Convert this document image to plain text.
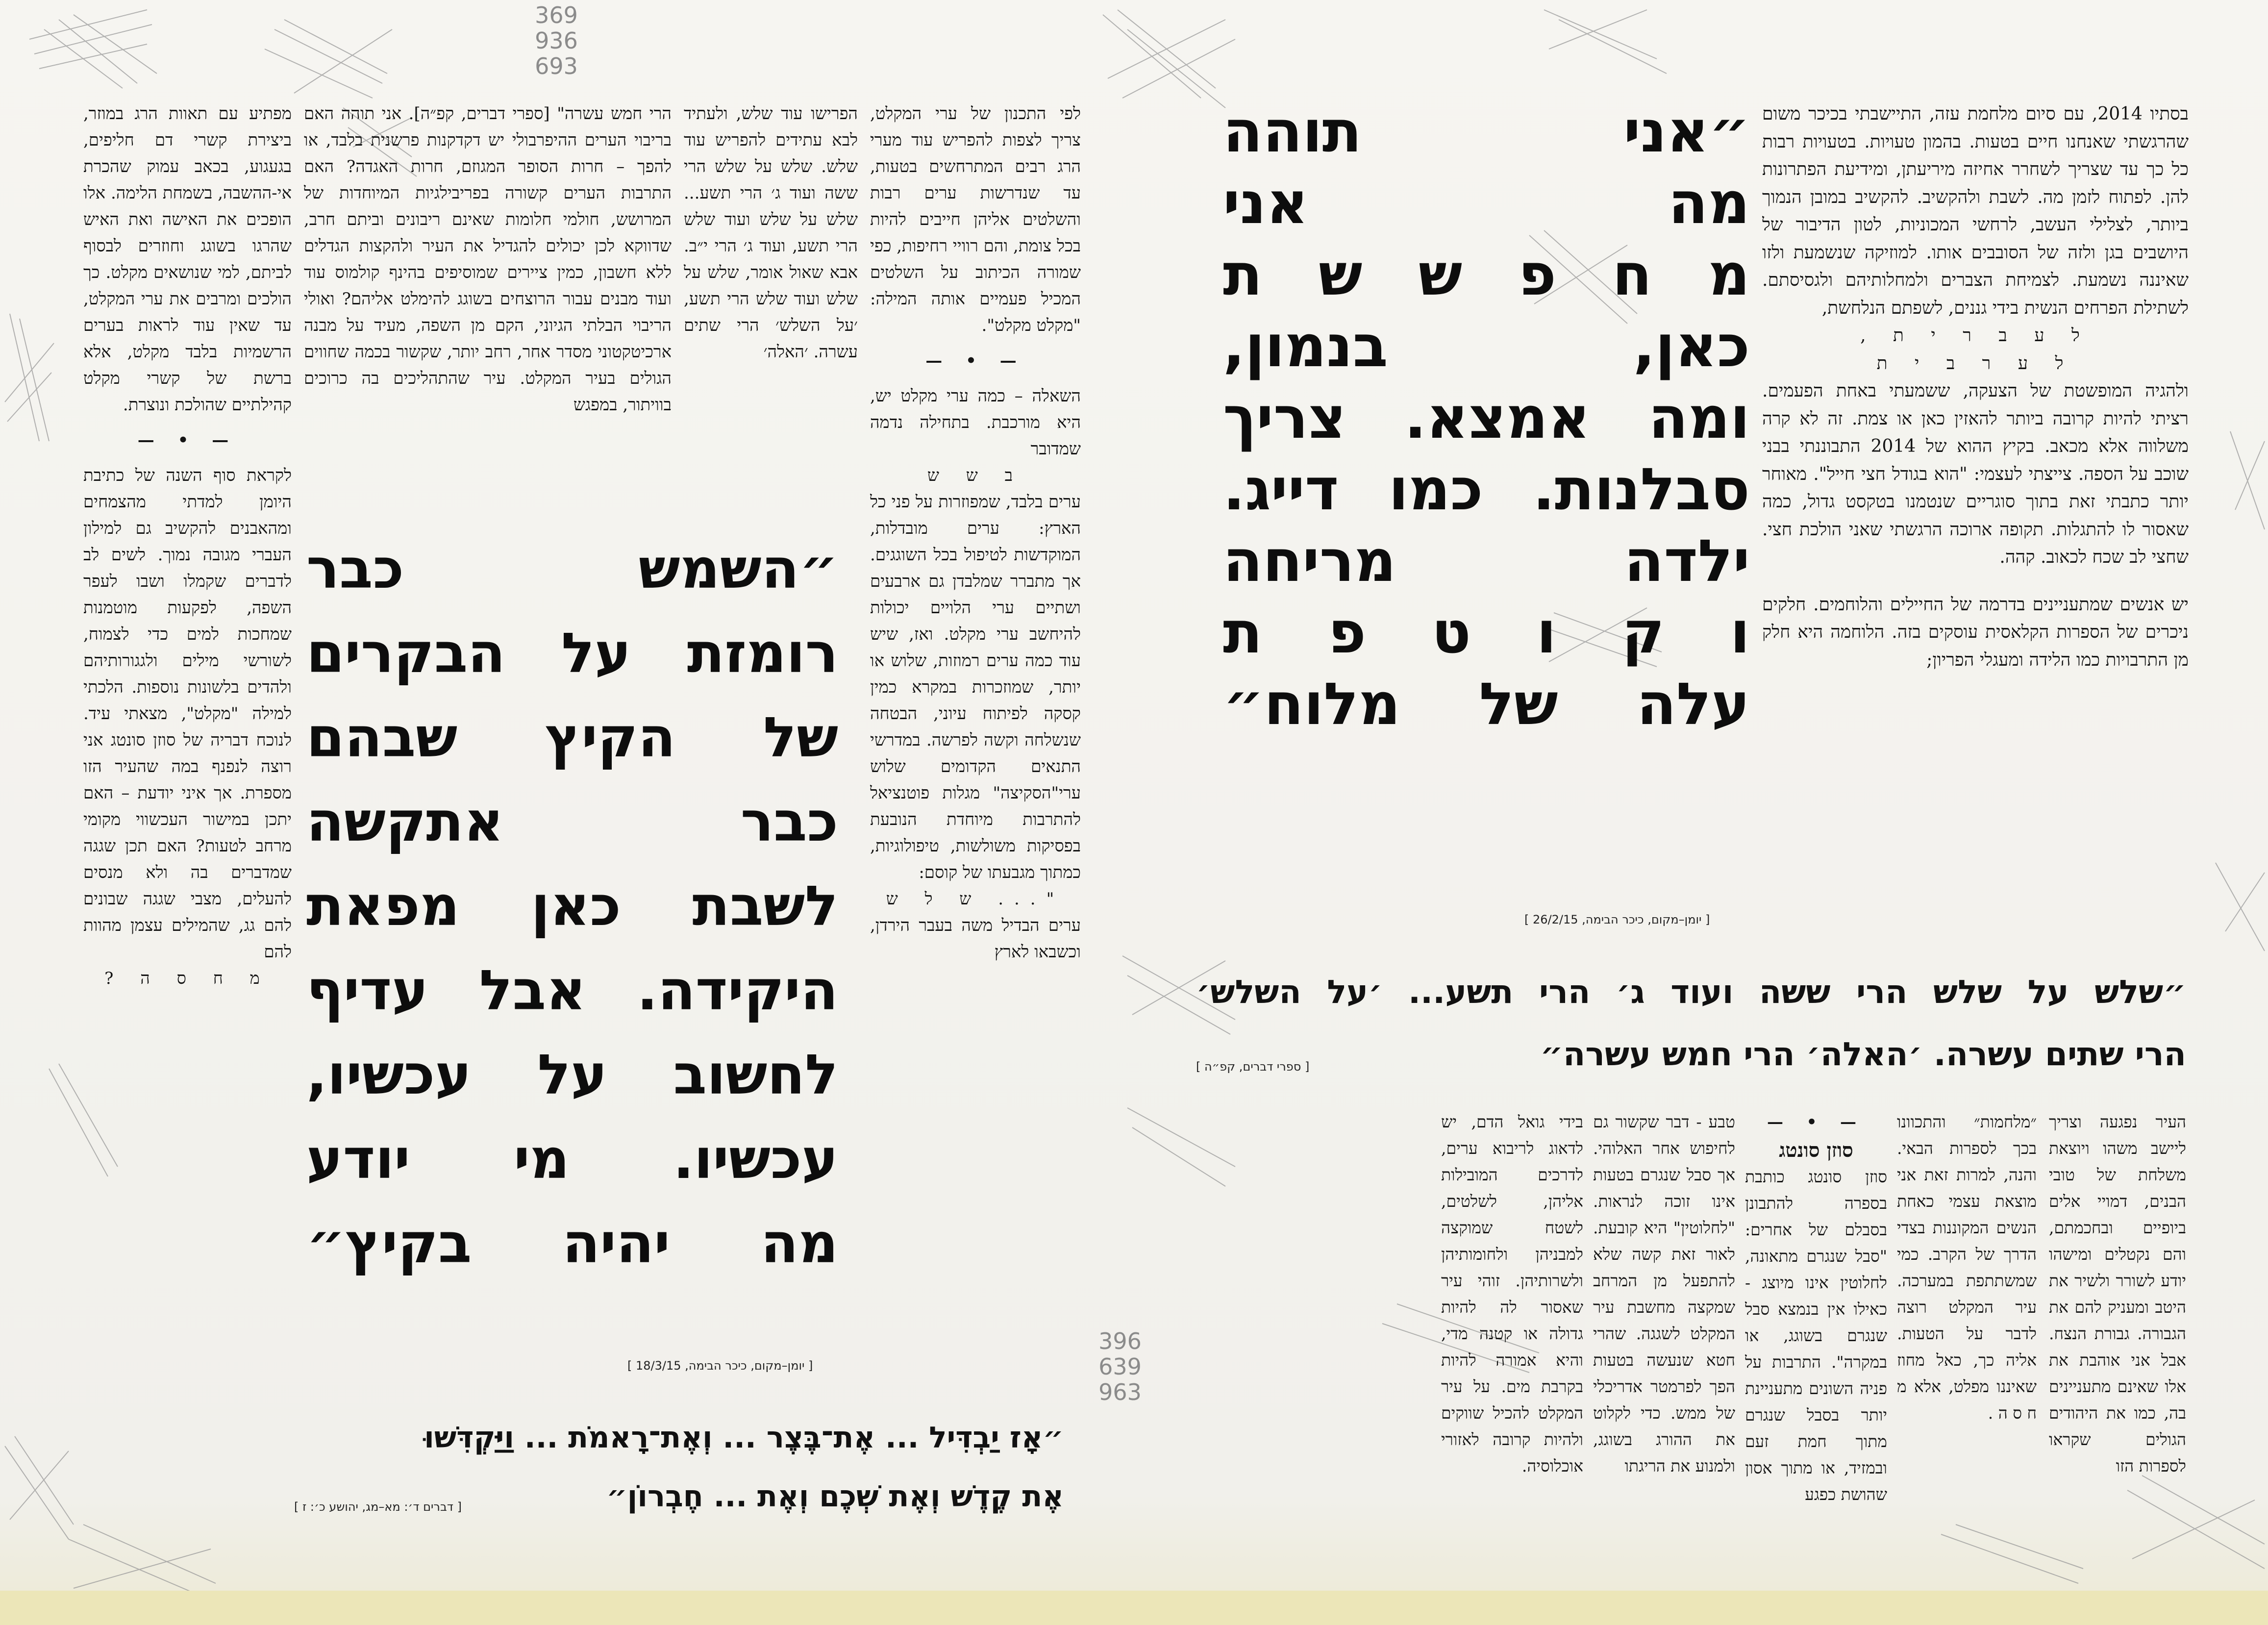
369
936
693
396
639
963

בסתיו 2014, עם סיום מלחמת עזה, התיישבתי בכיכר משום שהרגשתי שאנחנו חיים בטעות. בהמון טעויות. בטעויות רבות כל כך עד שצריך לשחרר אחיזה מיריעתן, ומידיעת הפתרונות להן. לפתוח לזמן מה. לשבת ולהקשיב. להקשיב במובן הנמוך ביותר, לצלילי העשב, לרחשי המכוניות, לטון הדיבור של היושבים בגן ולזה של הסובבים אותו. למוזיקה שנשמעת ולזו שאיננה נשמעת. לצמיחת הצברים ולמחלותיהם ולגסיסתם. לשתילת הפרחים הנשית בידי גננים, לשפתם הנלחשת,

ל ע ב ר י ת ,

ל ע ר ב י ת

ולהגיה המופשטת של הצעקה, ששמעתי באחת הפעמים. רציתי להיות קרובה ביותר להאזין כאן או צמת. זה לא קרה משלווה אלא מכאב. בקיץ ההוא של 2014 התבוננתי בבני שוכב על הספה. צייצתי לעצמי: "הוא בגודל חצי חייל". מאוחר יותר כתבתי זאת בתוך סוגריים שנטמנו בטקסט גדול, כמה שאסור לו להתגלות. תקופה ארוכה הרגשתי שאני הולכת חצי. שחצי לב שכח לכאוב. קהה.

יש אנשים שמתעניינים בדרמה של החיילים והלוחמים. חלקים ניכרים של הספרות הקלאסית עוסקים בזה. הלוחמה היא חלק מן התרבויות כמו הלידה ומעגלי הפריון;

״אני תוהה
מה אני
מ ח פ ש ש ת
כאן, בנמון,
ומה אמצא. צריך
סבלנות. כמו דייג.
ילדה מריחה
ו ק ו ט פ ת
עלה של מלוח״
[ יומן–מקום, כיכר הבימה, 26/2/15 ]
״שלש על שלש הרי ששה ועוד ג׳ הרי תשע... ׳על השלש׳
הרי שתים עשרה. ׳האלה׳ הרי חמש עשרה״
[ ספרי דברים, קפ״ה ]

העיר נפגעה וצריך ליישב משהו ויוצאת משלחת של טובי הבנים, דמויי אלים ביופיים ובחכמתם, והם נקטלים ומישהו יודע לשורר ולשיר את היטב ומעניק להם את הגבורה. גבורת הנצח. אבל אני אוהבת את אלו שאינם מתעניינים בה, כמו את היהודים הגולים שקראו לספרות הזו

״מלחמות״ והתכוונו בכך לספרות הבאי. והנה, למרות זאת אני מוצאת עצמי כאחת הנשים המקוננות בצדי הדרך של הקרב. כמי שמשתתפת במערכה. עיר המקלט רוצה לדבר על הטעות. אליה כך, כאל מחוז שאיננו מפלט, אלא מ ח ס ה .

— • —

סוזן סונטג

סוזן סונטג כותבת בספרה להתבונן בסבלם של אחרים: "סבל שנגרם מתאונה, לחלוטין אינו מיוצג - כאילו אין בנמצא סבל שנגרם בשוגג, או במקרה". התרבות על פניה השונים מתעניינת יותר בסבל שנגרם מתוך חמת זעם ובמזיד, או מתוך אסון שהושת כפגע

טבע - דבר שקשור גם לחיפוש אחר האלוהי. אך סבל שנגרם בטעות אינו זוכה לנראות. "לחלוטין" היא קובעת. לאור זאת קשה שלא להתפעל מן המרחב שמקצה מחשבת עיר המקלט לשגגה. שהרי חטא שנעשה בטעות הפך לפרמטר אדריכלי של ממש. כדי לקלוט את ההורג בשוגג, ולמנוע את הריגתו

בידי גואל הדם, יש לדאוג לריבוא ערים, לדרכים המובילות אליהן, לשלטים, לשטח שמוקצה למבניהן ולחומותיהן ולשרותיהן. זוהי עיר שאסור לה להיות גדולה או קטנה מדי, והיא אמורה להיות בקרבת מים. על עיר המקלט להכיל שווקים ולהיות קרובה לאזורי אוכלוסיה.

לפי התכנון של ערי המקלט, צריך לצפות להפריש עוד מערי הרג רבים המתרחשים בטעות, עד שנדרשות ערים רבות והשלטים אליהן חייבים להיות בכל צומת, והם רוויי רחיפות, כפי שמורה הכיתוב על השלטים המכיל פעמיים אותה המילה: "מקלט מקלט".

— • —

השאלה – כמה ערי מקלט יש, היא מורכבת. בתחילה נדמה שמדובר

ב ש ש

ערים בלבד, שמפוזרות על פני כל הארץ: ערים מובדלות, המוקדשות לטיפול בכל השוגגים. אך מתברר שמלבדן גם ארבעים ושתיים ערי הלויים יכולות להיחשב ערי מקלט. ואז, שיש עוד כמה ערים רמוזות, שלוש או יותר, שמוזכרות במקרא כמין קסקה לפיתוח עיוני, הבטחה שנשלחה וקשה לפרשה. במדרשי התנאים הקדומים שלוש ערי"הסקיצה" מגלות פוטנציאל להתרבות מיוחדת הנובעת בפסיקות משולשות, טיפולוגיות, כמתוך מגבעתו של קוסם:

"... ש ל ש

ערים הבדיל משה בעבר הירדן, וכשבאו לארץ

הפרישו עוד שלש, ולעתיד לבא עתידים להפריש עוד שלש. שלש על שלש הרי ששה ועוד ג׳ הרי תשע... שלש על שלש ועוד שלש הרי תשע, ועוד ג׳ הרי י״ב. אבא שאול אומר, שלש על שלש ועוד שלש הרי תשע, ׳על השלש׳ הרי שתים עשרה. ׳האלה׳

הרי חמש עשרה" [ספרי דברים, קפ״ה]. אני תוהה האם בריבוי הערים ההיפרבולי יש דקדקנות פרשנית בלבד, או להפך – חרות הסופר המגוזם, חרות האגדה? האם התרבות הערים קשורה בפריבילגיות המיוחדות של המרושש, חולמי חלומות שאינם ריבונים וביתם חרב, שדווקא לכן יכולים להגדיל את העיר ולהקצות הגדלים ללא חשבון, כמין ציירים שמוסיפים בהינף קולמוס עוד ועוד מבנים עבור הרוצחים בשוגג להימלט אליהם? ואולי הריבוי הבלתי הגיוני, הקם מן השפה, מעיד על מבנה ארכיטקטוני מסדר אחר, רחב יותר, שקשור בכמה שחווים הגולים בעיר המקלט. עיר שהתהליכים בה כרוכים בוויתור, במפגש

מפתיע עם תאוות הרג במוזר, ביצירת קשרי דם חליפים, בגעגוע, בכאב עמוק שהכרת אי-ההשבה, בשמחת הלימה. אלו הופכים את האישה ואת האיש שהרגו בשוגג וחוזרים לבסוף לביתם, למי שנושאים מקלט. כך הולכים ומרבים את ערי המקלט, עד שאין עוד לראות בערים הרשמיות בלבד מקלט, אלא ברשת של קשרי מקלט קהילתיים שהולכת ונוצרת.

— • —

לקראת סוף השנה של כתיבת היומן למדתי מהצמחים ומהאבנים להקשיב גם למילון העברי מגובה נמוך. לשים לב לדברים שקמלו ושבו לעפר השפה, לפקעות מוטמנות שמחכות למים כדי לצמוח, לשורשי מילים ולגגורותיהם ולהדים בלשונות נוספות. הלכתי למילה "מקלט", מצאתי עיד. לנוכח דבריה של סוזן סונטג אני רוצה לנפנף במה שהעיר הזו מספרת. אך איני יודעת – האם יתכן במישור העכשווי מקומי מרחב לטעות? האם תכן שגגה שמדברים בה ולא מנסים להעלים, מצבי שגגה שבונים להם גג, שהמילים עצמן מהוות להם

מ ח ס ה ?

״השמש כבר
רומזת על הבקרים
של הקיץ שבהם
כבר אתקשה
לשבת כאן מפאת
היקידה. אבל עדיף
לחשוב על עכשיו,
עכשיו. מי יודע
מה יהיה בקיץ״
[ יומן–מקום, כיכר הבימה, 18/3/15 ]
״אָז יַבְדִּיל ... אֶת־בֶּצֶר ... וְאֶת־רָאמֹת ... וַיַּקְדִּשׁוּ
אֶת קֶדֶשׁ וְאֶת שְׁכֶם וְאֶת ... חֶבְרוֹן״
[ דברים ד׳: מא–מג, יהושע כ׳: ז ]
